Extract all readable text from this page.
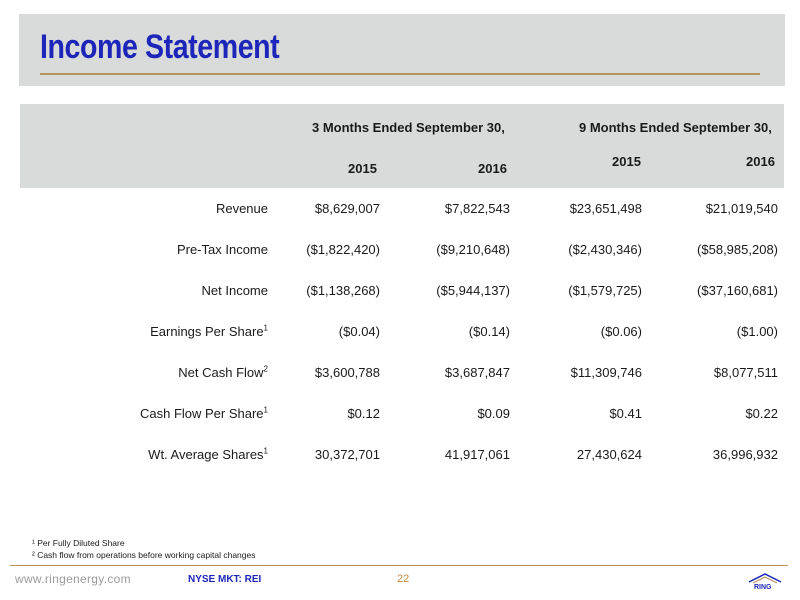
Income Statement
3 Months Ended September 30,	9 Months Ended September 30,
2015	2016	2015	2016
Revenue	$8,629,007	$7,822,543	$23,651,498	$21,019,540
Pre-Tax Income	($1,822,420)	($9,210,648)	($2,430,346)	($58,985,208)
Net Income	($1,138,268)	($5,944,137)	($1,579,725)	($37,160,681)
Earnings Per Share$^1$	($0.04)	($0.14)	($0.06)	($1.00)
Net Cash Flow$^2$	$3,600,788	$3,687,847	$11,309,746	$8,077,511
Cash Flow Per Share$^1$	$0.12	$0.09	$0.41	$0.22
Wt. Average Shares$^1$	30,372,701	41,917,061	27,430,624	36,996,932
¹ Per Fully Diluted Share
² Cash flow from operations before working capital changes
www.ringenergy.com	NYSE MKT: REI	22
RING
